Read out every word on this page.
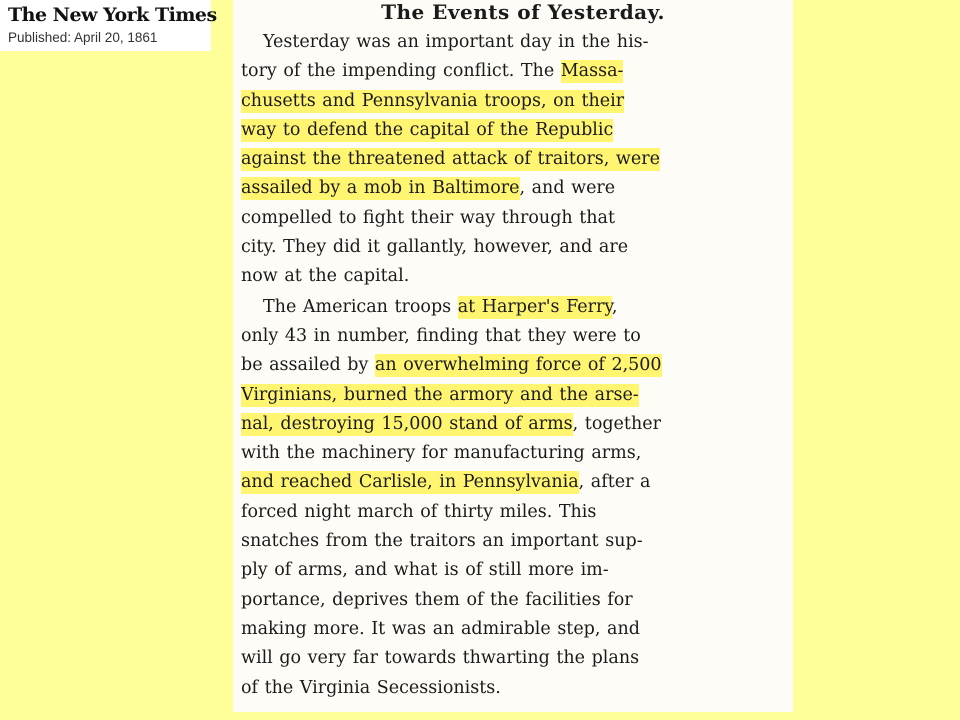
The New York Times
Published: April 20, 1861
The Events of Yesterday.
Yesterday was an important day in the his-
tory of the impending conflict. The Massa-
chusetts and Pennsylvania troops, on their
way to defend the capital of the Republic
against the threatened attack of traitors, were
assailed by a mob in Baltimore, and were
compelled to fight their way through that
city. They did it gallantly, however, and are
now at the capital.
The American troops at Harper's Ferry,
only 43 in number, finding that they were to
be assailed by an overwhelming force of 2,500
Virginians, burned the armory and the arse-
nal, destroying 15,000 stand of arms, together
with the machinery for manufacturing arms,
and reached Carlisle, in Pennsylvania, after a
forced night march of thirty miles. This
snatches from the traitors an important sup-
ply of arms, and what is of still more im-
portance, deprives them of the facilities for
making more. It was an admirable step, and
will go very far towards thwarting the plans
of the Virginia Secessionists.
